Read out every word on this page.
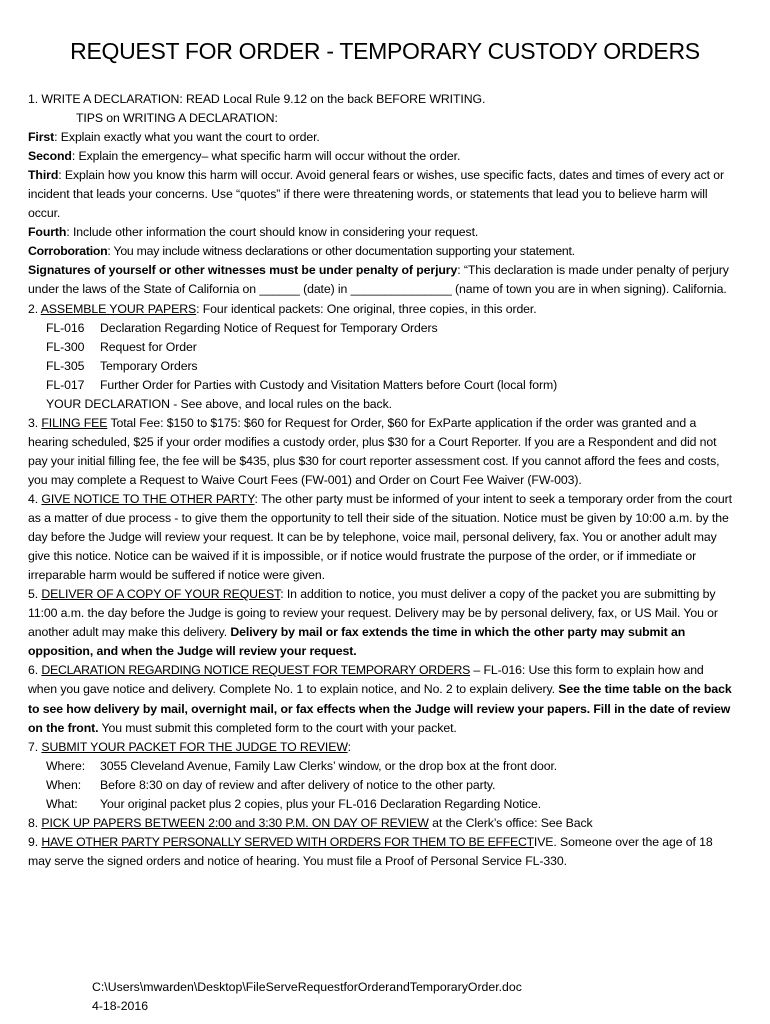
REQUEST FOR ORDER - TEMPORARY CUSTODY ORDERS

1. WRITE A DECLARATION: READ Local Rule 9.12 on the back BEFORE WRITING.

TIPS on WRITING A DECLARATION:

First: Explain exactly what you want the court to order.

Second: Explain the emergency– what specific harm will occur without the order.

Third: Explain how you know this harm will occur. Avoid general fears or wishes, use specific facts, dates and times of every act or incident that leads your concerns. Use “quotes” if there were threatening words, or statements that lead you to believe harm will occur.

Fourth: Include other information the court should know in considering your request.

Corroboration: You may include witness declarations or other documentation supporting your statement.

Signatures of yourself or other witnesses must be under penalty of perjury: “This declaration is made under penalty of perjury under the laws of the State of California on ______ (date) in _______________ (name of town you are in when signing). California.

2. ASSEMBLE YOUR PAPERS: Four identical packets: One original, three copies, in this order.

FL-016 Declaration Regarding Notice of Request for Temporary Orders

FL-300 Request for Order

FL-305 Temporary Orders

FL-017 Further Order for Parties with Custody and Visitation Matters before Court (local form)

YOUR DECLARATION - See above, and local rules on the back.

3. FILING FEE Total Fee: $150 to $175: $60 for Request for Order, $60 for ExParte application if the order was granted and a hearing scheduled, $25 if your order modifies a custody order, plus $30 for a Court Reporter. If you are a Respondent and did not pay your initial filling fee, the fee will be $435, plus $30 for court reporter assessment cost. If you cannot afford the fees and costs, you may complete a Request to Waive Court Fees (FW-001) and Order on Court Fee Waiver (FW-003).

4. GIVE NOTICE TO THE OTHER PARTY: The other party must be informed of your intent to seek a temporary order from the court as a matter of due process - to give them the opportunity to tell their side of the situation. Notice must be given by 10:00 a.m. by the day before the Judge will review your request. It can be by telephone, voice mail, personal delivery, fax. You or another adult may give this notice. Notice can be waived if it is impossible, or if notice would frustrate the purpose of the order, or if immediate or irreparable harm would be suffered if notice were given.

5. DELIVER OF A COPY OF YOUR REQUEST: In addition to notice, you must deliver a copy of the packet you are submitting by 11:00 a.m. the day before the Judge is going to review your request. Delivery may be by personal delivery, fax, or US Mail. You or another adult may make this delivery. Delivery by mail or fax extends the time in which the other party may submit an opposition, and when the Judge will review your request.

6. DECLARATION REGARDING NOTICE REQUEST FOR TEMPORARY ORDERS – FL-016: Use this form to explain how and when you gave notice and delivery. Complete No. 1 to explain notice, and No. 2 to explain delivery. See the time table on the back to see how delivery by mail, overnight mail, or fax effects when the Judge will review your papers. Fill in the date of review on the front. You must submit this completed form to the court with your packet.

7. SUBMIT YOUR PACKET FOR THE JUDGE TO REVIEW:

Where: 3055 Cleveland Avenue, Family Law Clerks’ window, or the drop box at the front door.

When: Before 8:30 on day of review and after delivery of notice to the other party.

What: Your original packet plus 2 copies, plus your FL-016 Declaration Regarding Notice.

8. PICK UP PAPERS BETWEEN 2:00 and 3:30 P.M. ON DAY OF REVIEW at the Clerk’s office: See Back

9. HAVE OTHER PARTY PERSONALLY SERVED WITH ORDERS FOR THEM TO BE EFFECTIVE. Someone over the age of 18 may serve the signed orders and notice of hearing. You must file a Proof of Personal Service FL-330.

C:\Users\mwarden\Desktop\FileServeRequestforOrderandTemporaryOrder.doc
4-18-2016
